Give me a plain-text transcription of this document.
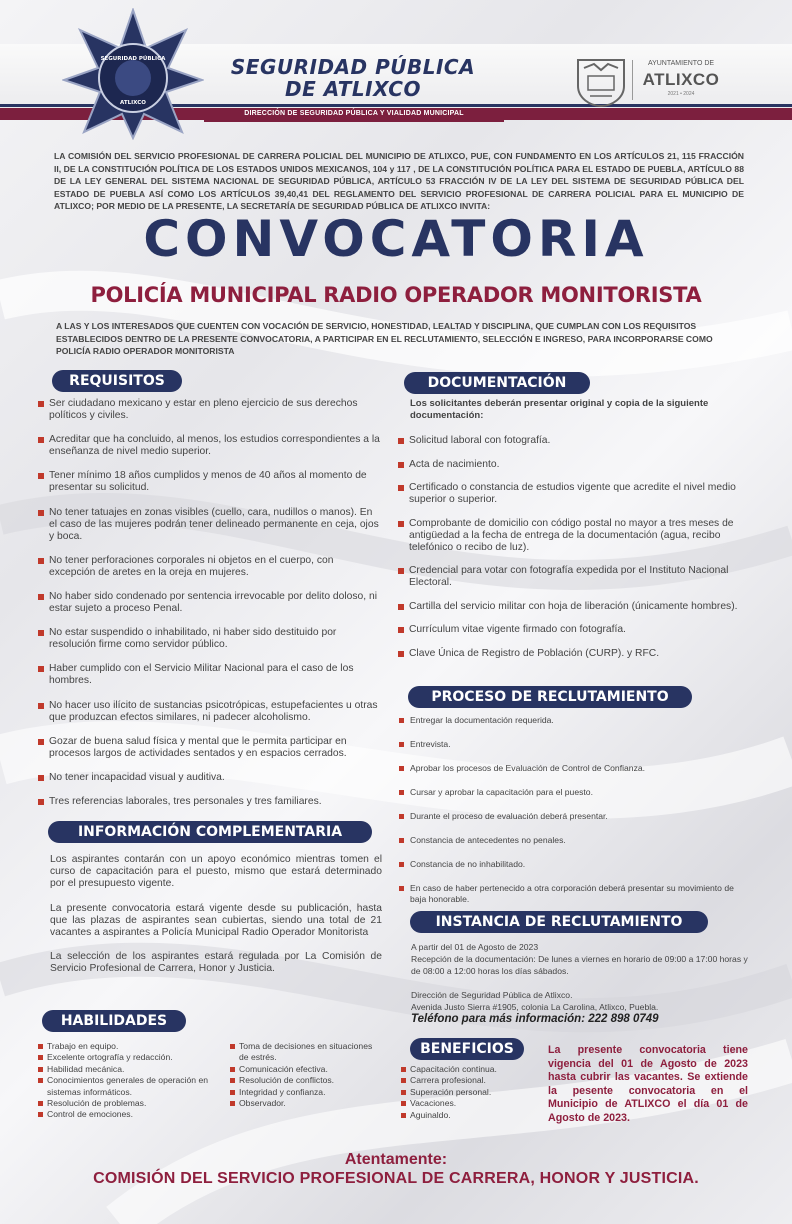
SEGURIDAD PÚBLICA
ATLIXCO
SEGURIDAD PÚBLICA
DE ATLIXCO
DIRECCIÓN DE SEGURIDAD PÚBLICA Y VIALIDAD MUNICIPAL
AYUNTAMIENTO DE
ATLIXCO
2021 • 2024
LA COMISIÓN DEL SERVICIO PROFESIONAL DE CARRERA POLICIAL DEL MUNICIPIO DE ATLIXCO, PUE, CON FUNDAMENTO EN LOS ARTÍCULOS 21, 115 FRACCIÓN II, DE LA CONSTITUCIÓN POLÍTICA DE LOS ESTADOS UNIDOS MEXICANOS, 104 y 117 , DE LA CONSTITUCIÓN POLÍTICA PARA EL ESTADO DE PUEBLA, ARTÍCULO 88 DE LA LEY GENERAL DEL SISTEMA NACIONAL DE SEGURIDAD PÚBLICA, ARTÍCULO 53 FRACCIÓN IV DE LA LEY DEL SISTEMA DE SEGURIDAD PÚBLICA DEL ESTADO DE PUEBLA ASÍ COMO LOS ARTÍCULOS 39,40,41 DEL REGLAMENTO DEL SERVICIO PROFESIONAL DE CARRERA POLICIAL PARA EL MUNICIPIO DE ATLIXCO; POR MEDIO DE LA PRESENTE, LA SECRETARÍA DE SEGURIDAD PÚBLICA DE ATLIXCO INVITA:
CONVOCATORIA
POLICÍA MUNICIPAL RADIO OPERADOR MONITORISTA
A LAS Y LOS INTERESADOS QUE CUENTEN CON VOCACIÓN DE SERVICIO, HONESTIDAD, LEALTAD Y DISCIPLINA, QUE CUMPLAN CON LOS REQUISITOS ESTABLECIDOS DENTRO DE LA PRESENTE CONVOCATORIA, A PARTICIPAR EN EL RECLUTAMIENTO, SELECCIÓN E INGRESO, PARA INCORPORARSE COMO POLICÍA RADIO OPERADOR MONITORISTA
REQUISITOS
Ser ciudadano mexicano y estar en pleno ejercicio de sus derechos políticos y civiles.
Acreditar que ha concluido, al menos, los estudios correspondientes a la enseñanza de nivel medio superior.
Tener mínimo 18 años cumplidos y menos de 40 años al momento de presentar su solicitud.
No tener tatuajes en zonas visibles (cuello, cara, nudillos o manos). En el caso de las mujeres podrán tener delineado permanente en ceja, ojos y boca.
No tener perforaciones corporales ni objetos en el cuerpo, con excepción de aretes en la oreja en mujeres.
No haber sido condenado por sentencia irrevocable por delito doloso, ni estar sujeto a proceso Penal.
No estar suspendido o inhabilitado, ni haber sido destituido por resolución firme como servidor público.
Haber cumplido con el Servicio Militar Nacional para el caso de los hombres.
No hacer uso ilícito de sustancias psicotrópicas, estupefacientes u otras que produzcan efectos similares, ni padecer alcoholismo.
Gozar de buena salud física y mental que le permita participar en procesos largos de actividades sentados y en espacios cerrados.
No tener incapacidad visual y auditiva.
Tres referencias laborales, tres personales y tres familiares.
DOCUMENTACIÓN
Los solicitantes deberán presentar original y copia de la siguiente documentación:
Solicitud laboral con fotografía.
Acta de nacimiento.
Certificado o constancia de estudios vigente que acredite el nivel medio superior o superior.
Comprobante de domicilio con código postal no mayor a tres meses de antigüedad a la fecha de entrega de la documentación (agua, recibo telefónico o recibo de luz).
Credencial para votar con fotografía expedida por el Instituto Nacional Electoral.
Cartilla del servicio militar con hoja de liberación (únicamente hombres).
Currículum vitae vigente firmado con fotografía.
Clave Única de Registro de Población (CURP). y RFC.
PROCESO DE RECLUTAMIENTO
Entregar la documentación requerida.
Entrevista.
Aprobar los procesos de Evaluación de Control de Confianza.
Cursar y aprobar la capacitación para el puesto.
Durante el proceso de evaluación deberá presentar.
Constancia de antecedentes no penales.
Constancia de no inhabilitado.
En caso de haber pertenecido a otra corporación deberá presentar su movimiento de baja honorable.
INFORMACIÓN COMPLEMENTARIA

Los aspirantes contarán con un apoyo económico mientras tomen el curso de capacitación para el puesto, mismo que estará determinado por el presupuesto vigente.

La presente convocatoria estará vigente desde su publicación, hasta que las plazas de aspirantes sean cubiertas, siendo una total de 21 vacantes a aspirantes a Policía Municipal Radio Operador Monitorista

La selección de los aspirantes estará regulada por La Comisión de Servicio Profesional de Carrera, Honor y Justicia.

INSTANCIA DE RECLUTAMIENTO
A partir del 01 de Agosto de 2023
Recepción de la documentación: De lunes a viernes en horario de 09:00 a 17:00 horas y de 08:00 a 12:00 horas los días sábados.
Dirección de Seguridad Pública de Atlixco.
Avenida Justo Sierra #1905, colonia La Carolina, Atlixco, Puebla.
Teléfono para más información: 222 898 0749
HABILIDADES
Trabajo en equipo.
Excelente ortografía y redacción.
Habilidad mecánica.
Conocimientos generales de operación en sistemas informáticos.
Resolución de problemas.
Control de emociones.
Toma de decisiones en situaciones de estrés.
Comunicación efectiva.
Resolución de conflictos.
Integridad y confianza.
Observador.
BENEFICIOS
Capacitación continua.
Carrera profesional.
Superación personal.
Vacaciones.
Aguinaldo.
La presente convocatoria tiene vigencia del 01 de Agosto de 2023 hasta cubrir las vacantes. Se extiende la pesente convocatoria en el Municipio de ATLIXCO el día 01 de Agosto de 2023.
Atentamente:
COMISIÓN DEL SERVICIO PROFESIONAL DE CARRERA, HONOR Y JUSTICIA.
